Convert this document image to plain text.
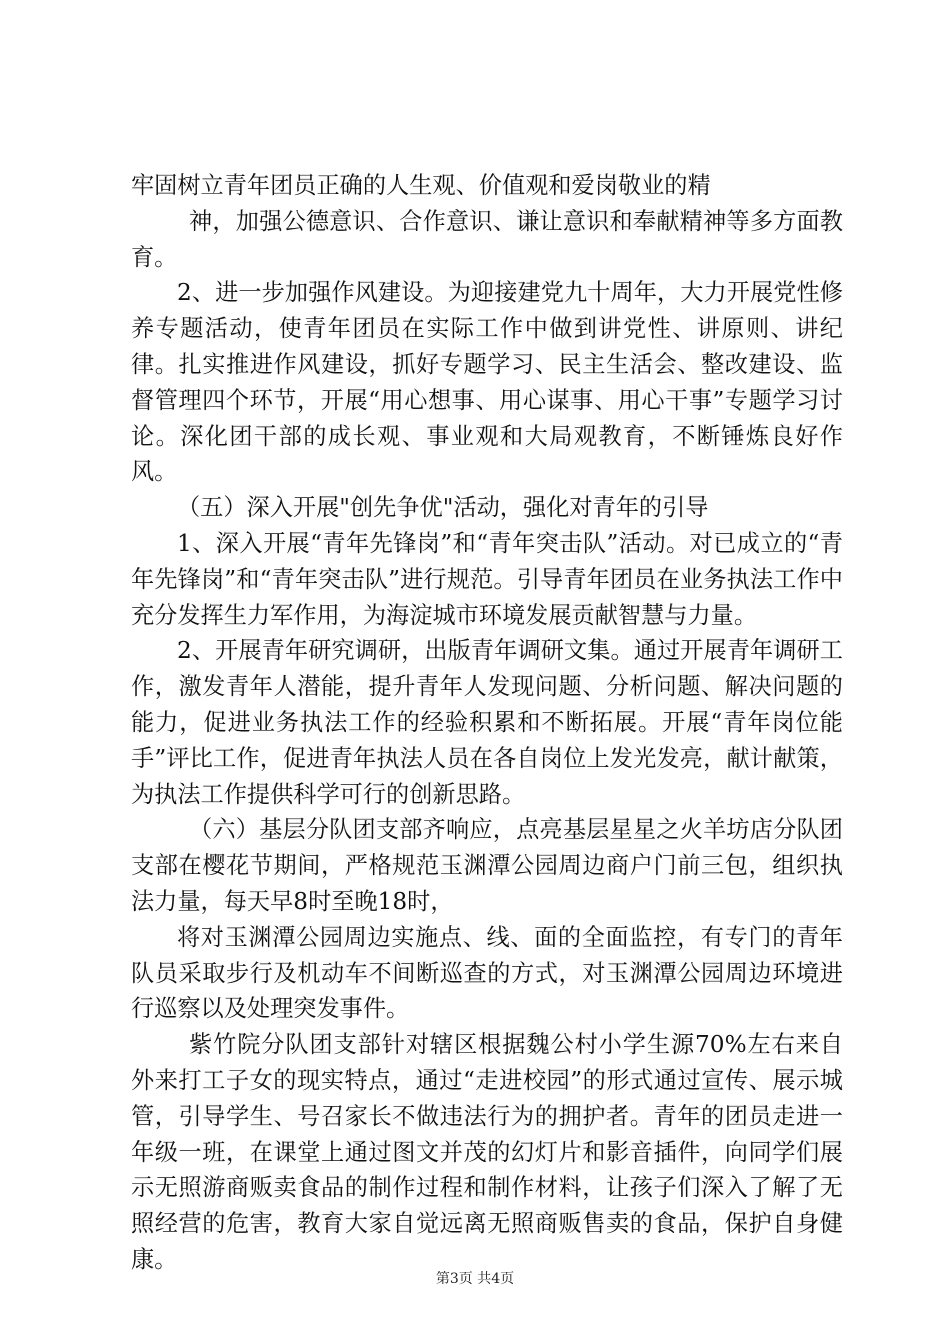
牢固树立青年团员正确的人生观、价值观和爱岗敬业的精

神，加强公德意识、合作意识、谦让意识和奉献精神等多方面教育。

2、进一步加强作风建设。为迎接建党九十周年，大力开展党性修养专题活动，使青年团员在实际工作中做到讲党性、讲原则、讲纪律。扎实推进作风建设，抓好专题学习、民主生活会、整改建设、监督管理四个环节，开展“用心想事、用心谋事、用心干事”专题学习讨论。深化团干部的成长观、事业观和大局观教育，不断锤炼良好作风。

（五）深入开展"创先争优"活动，强化对青年的引导

1、深入开展“青年先锋岗”和“青年突击队”活动。对已成立的“青年先锋岗”和“青年突击队”进行规范。引导青年团员在业务执法工作中充分发挥生力军作用，为海淀城市环境发展贡献智慧与力量。

2、开展青年研究调研，出版青年调研文集。通过开展青年调研工作，激发青年人潜能，提升青年人发现问题、分析问题、解决问题的能力，促进业务执法工作的经验积累和不断拓展。开展“青年岗位能手”评比工作，促进青年执法人员在各自岗位上发光发亮，献计献策，为执法工作提供科学可行的创新思路。

（六）基层分队团支部齐响应，点亮基层星星之火羊坊店分队团支部在樱花节期间，严格规范玉渊潭公园周边商户门前三包，组织执法力量，每天早8时至晚18时，

将对玉渊潭公园周边实施点、线、面的全面监控，有专门的青年队员采取步行及机动车不间断巡查的方式，对玉渊潭公园周边环境进行巡察以及处理突发事件。

紫竹院分队团支部针对辖区根据魏公村小学生源70%左右来自外来打工子女的现实特点，通过“走进校园”的形式通过宣传、展示城管，引导学生、号召家长不做违法行为的拥护者。青年的团员走进一年级一班，在课堂上通过图文并茂的幻灯片和影音插件，向同学们展示无照游商贩卖食品的制作过程和制作材料，让孩子们深入了解了无照经营的危害，教育大家自觉远离无照商贩售卖的食品，保护自身健康。

第3页 共4页
